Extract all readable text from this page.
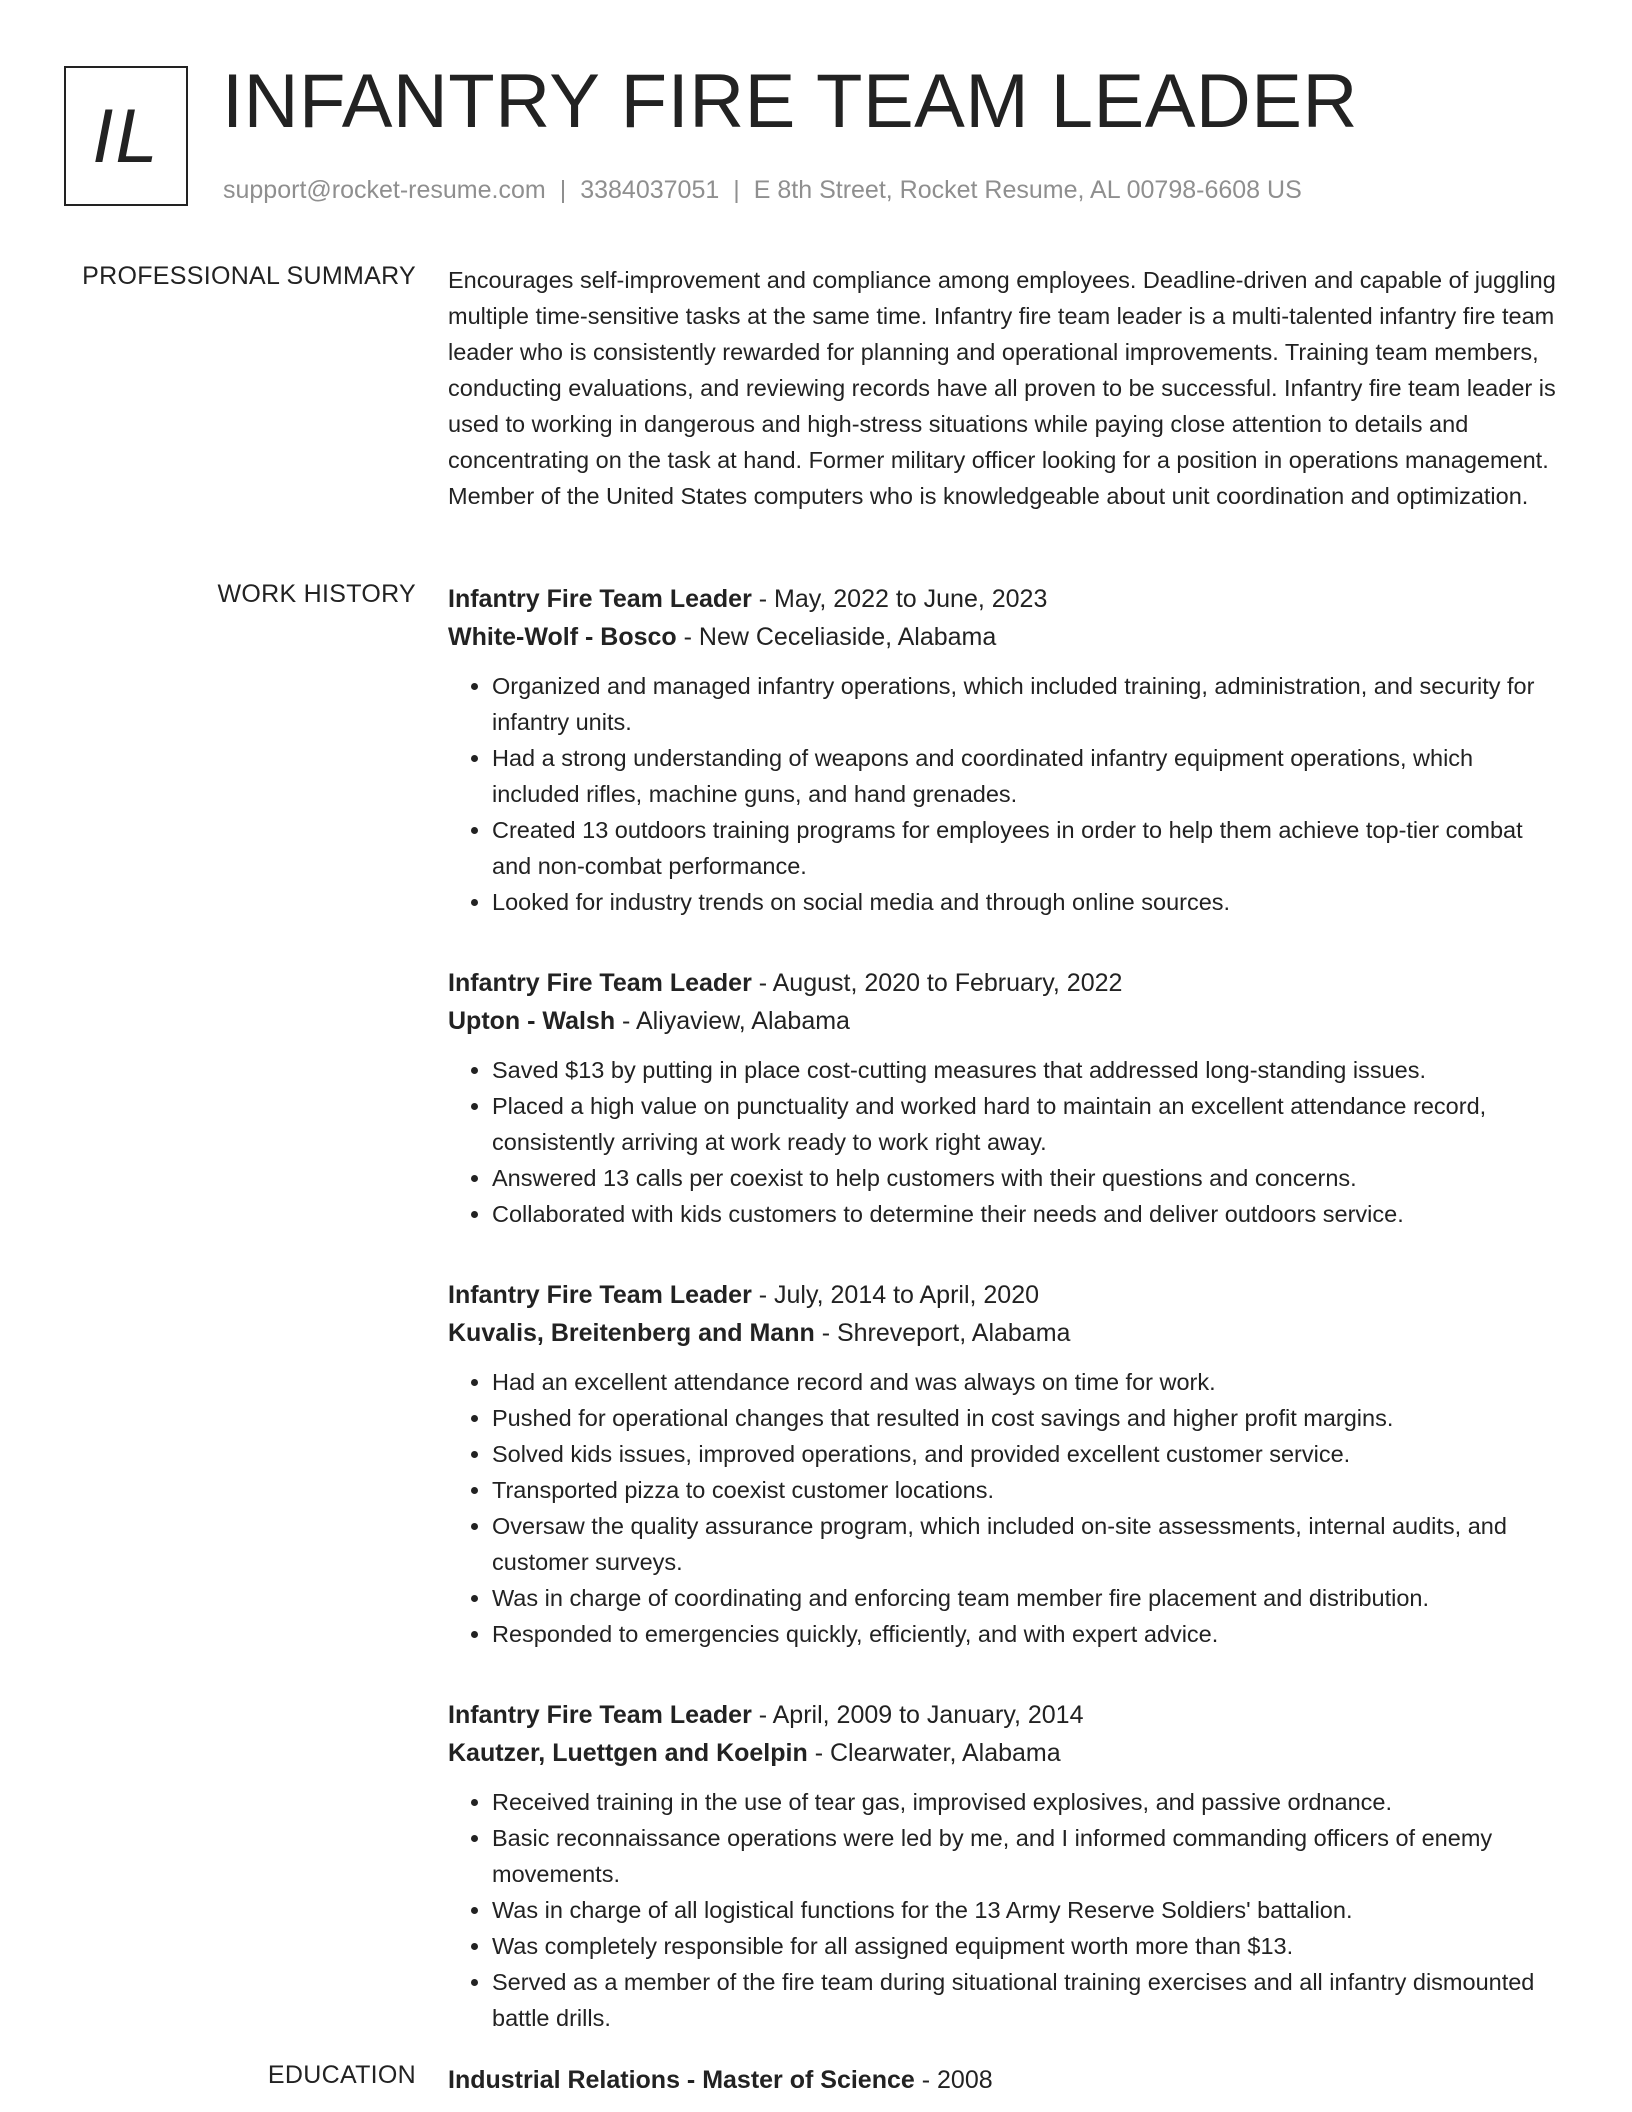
IL INFANTRY FIRE TEAM LEADER
support@rocket-resume.com | 3384037051 | E 8th Street, Rocket Resume, AL 00798-6608 US
PROFESSIONAL SUMMARY Encourages self-improvement and compliance among employees. Deadline-driven and capable of juggling multiple time-sensitive tasks at the same time. Infantry fire team leader is a multi-talented infantry fire team leader who is consistently rewarded for planning and operational improvements. Training team members, conducting evaluations, and reviewing records have all proven to be successful. Infantry fire team leader is used to working in dangerous and high-stress situations while paying close attention to details and concentrating on the task at hand. Former military officer looking for a position in operations management. Member of the United States computers who is knowledgeable about unit coordination and optimization.

WORK HISTORY Infantry Fire Team Leader - May, 2022 to June, 2023
White-Wolf - Bosco - New Ceceliaside, Alabama
• Organized and managed infantry operations, which included training, administration, and security for infantry units.
• Had a strong understanding of weapons and coordinated infantry equipment operations, which included rifles, machine guns, and hand grenades.
• Created 13 outdoors training programs for employees in order to help them achieve top-tier combat and non-combat performance.
• Looked for industry trends on social media and through online sources.
Infantry Fire Team Leader - August, 2020 to February, 2022
Upton - Walsh - Aliyaview, Alabama
• Saved $13 by putting in place cost-cutting measures that addressed long-standing issues.
• Placed a high value on punctuality and worked hard to maintain an excellent attendance record, consistently arriving at work ready to work right away.
• Answered 13 calls per coexist to help customers with their questions and concerns.
• Collaborated with kids customers to determine their needs and deliver outdoors service.
Infantry Fire Team Leader - July, 2014 to April, 2020
Kuvalis, Breitenberg and Mann - Shreveport, Alabama
• Had an excellent attendance record and was always on time for work.
• Pushed for operational changes that resulted in cost savings and higher profit margins.
• Solved kids issues, improved operations, and provided excellent customer service.
• Transported pizza to coexist customer locations.
• Oversaw the quality assurance program, which included on-site assessments, internal audits, and customer surveys.
• Was in charge of coordinating and enforcing team member fire placement and distribution.
• Responded to emergencies quickly, efficiently, and with expert advice.
Infantry Fire Team Leader - April, 2009 to January, 2014
Kautzer, Luettgen and Koelpin - Clearwater, Alabama
• Received training in the use of tear gas, improvised explosives, and passive ordnance.
• Basic reconnaissance operations were led by me, and I informed commanding officers of enemy movements.
• Was in charge of all logistical functions for the 13 Army Reserve Soldiers' battalion.
• Was completely responsible for all assigned equipment worth more than $13.
• Served as a member of the fire team during situational training exercises and all infantry dismounted battle drills.
EDUCATION Industrial Relations - Master of Science - 2008
